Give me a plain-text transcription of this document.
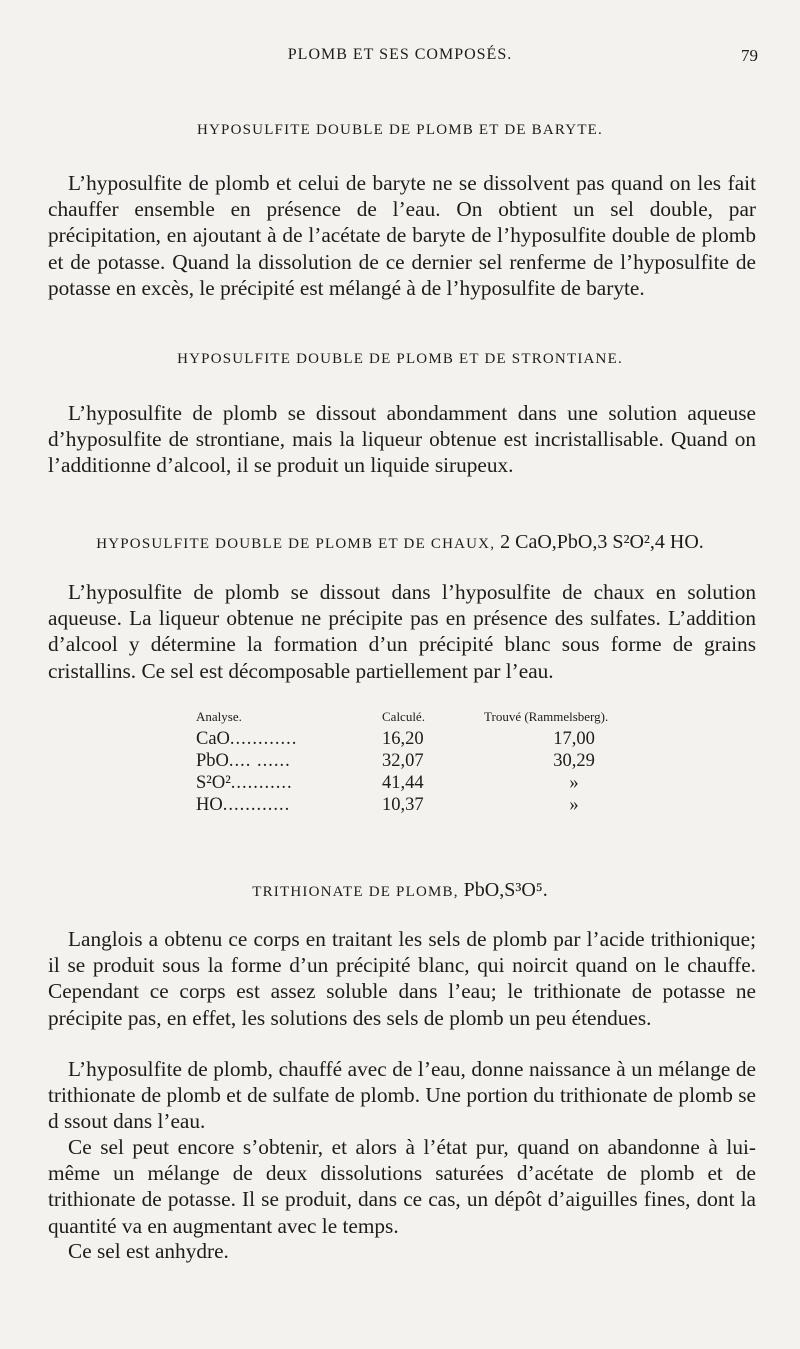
PLOMB ET SES COMPOSÉS.	79
HYPOSULFITE DOUBLE DE PLOMB ET DE BARYTE.

L’hyposulfite de plomb et celui de baryte ne se dissolvent pas quand on les fait chauffer ensemble en présence de l’eau. On obtient un sel double, par précipitation, en ajoutant à de l’acétate de baryte de l’hyposulfite double de plomb et de potasse. Quand la dissolution de ce dernier sel renferme de l’hyposulfite de potasse en excès, le précipité est mélangé à de l’hyposulfite de baryte.

HYPOSULFITE DOUBLE DE PLOMB ET DE STRONTIANE.

L’hyposulfite de plomb se dissout abondamment dans une solution aqueuse d’hyposulfite de strontiane, mais la liqueur obtenue est incristallisable. Quand on l’additionne d’alcool, il se produit un liquide sirupeux.

HYPOSULFITE DOUBLE DE PLOMB ET DE CHAUX, 2 CaO,PbO,3 S²O²,4 HO.

L’hyposulfite de plomb se dissout dans l’hyposulfite de chaux en solution aqueuse. La liqueur obtenue ne précipite pas en présence des sulfates. L’addition d’alcool y détermine la formation d’un précipité blanc sous forme de grains cristallins. Ce sel est décomposable partiellement par l’eau.

Analyse.	Calculé.	Trouvé (Rammelsberg).
CaO............	16,20	17,00
PbO.... ......	32,07	30,29
S²O²...........	41,44	»
HO............	10,37	»
TRITHIONATE DE PLOMB, PbO,S³O⁵.

Langlois a obtenu ce corps en traitant les sels de plomb par l’acide trithionique; il se produit sous la forme d’un précipité blanc, qui noircit quand on le chauffe. Cependant ce corps est assez soluble dans l’eau; le trithionate de potasse ne précipite pas, en effet, les solutions des sels de plomb un peu étendues.

L’hyposulfite de plomb, chauffé avec de l’eau, donne naissance à un mélange de trithionate de plomb et de sulfate de plomb. Une portion du trithionate de plomb se d ssout dans l’eau.

Ce sel peut encore s’obtenir, et alors à l’état pur, quand on abandonne à lui-même un mélange de deux dissolutions saturées d’acétate de plomb et de trithionate de potasse. Il se produit, dans ce cas, un dépôt d’aiguilles fines, dont la quantité va en augmentant avec le temps.

Ce sel est anhydre.
